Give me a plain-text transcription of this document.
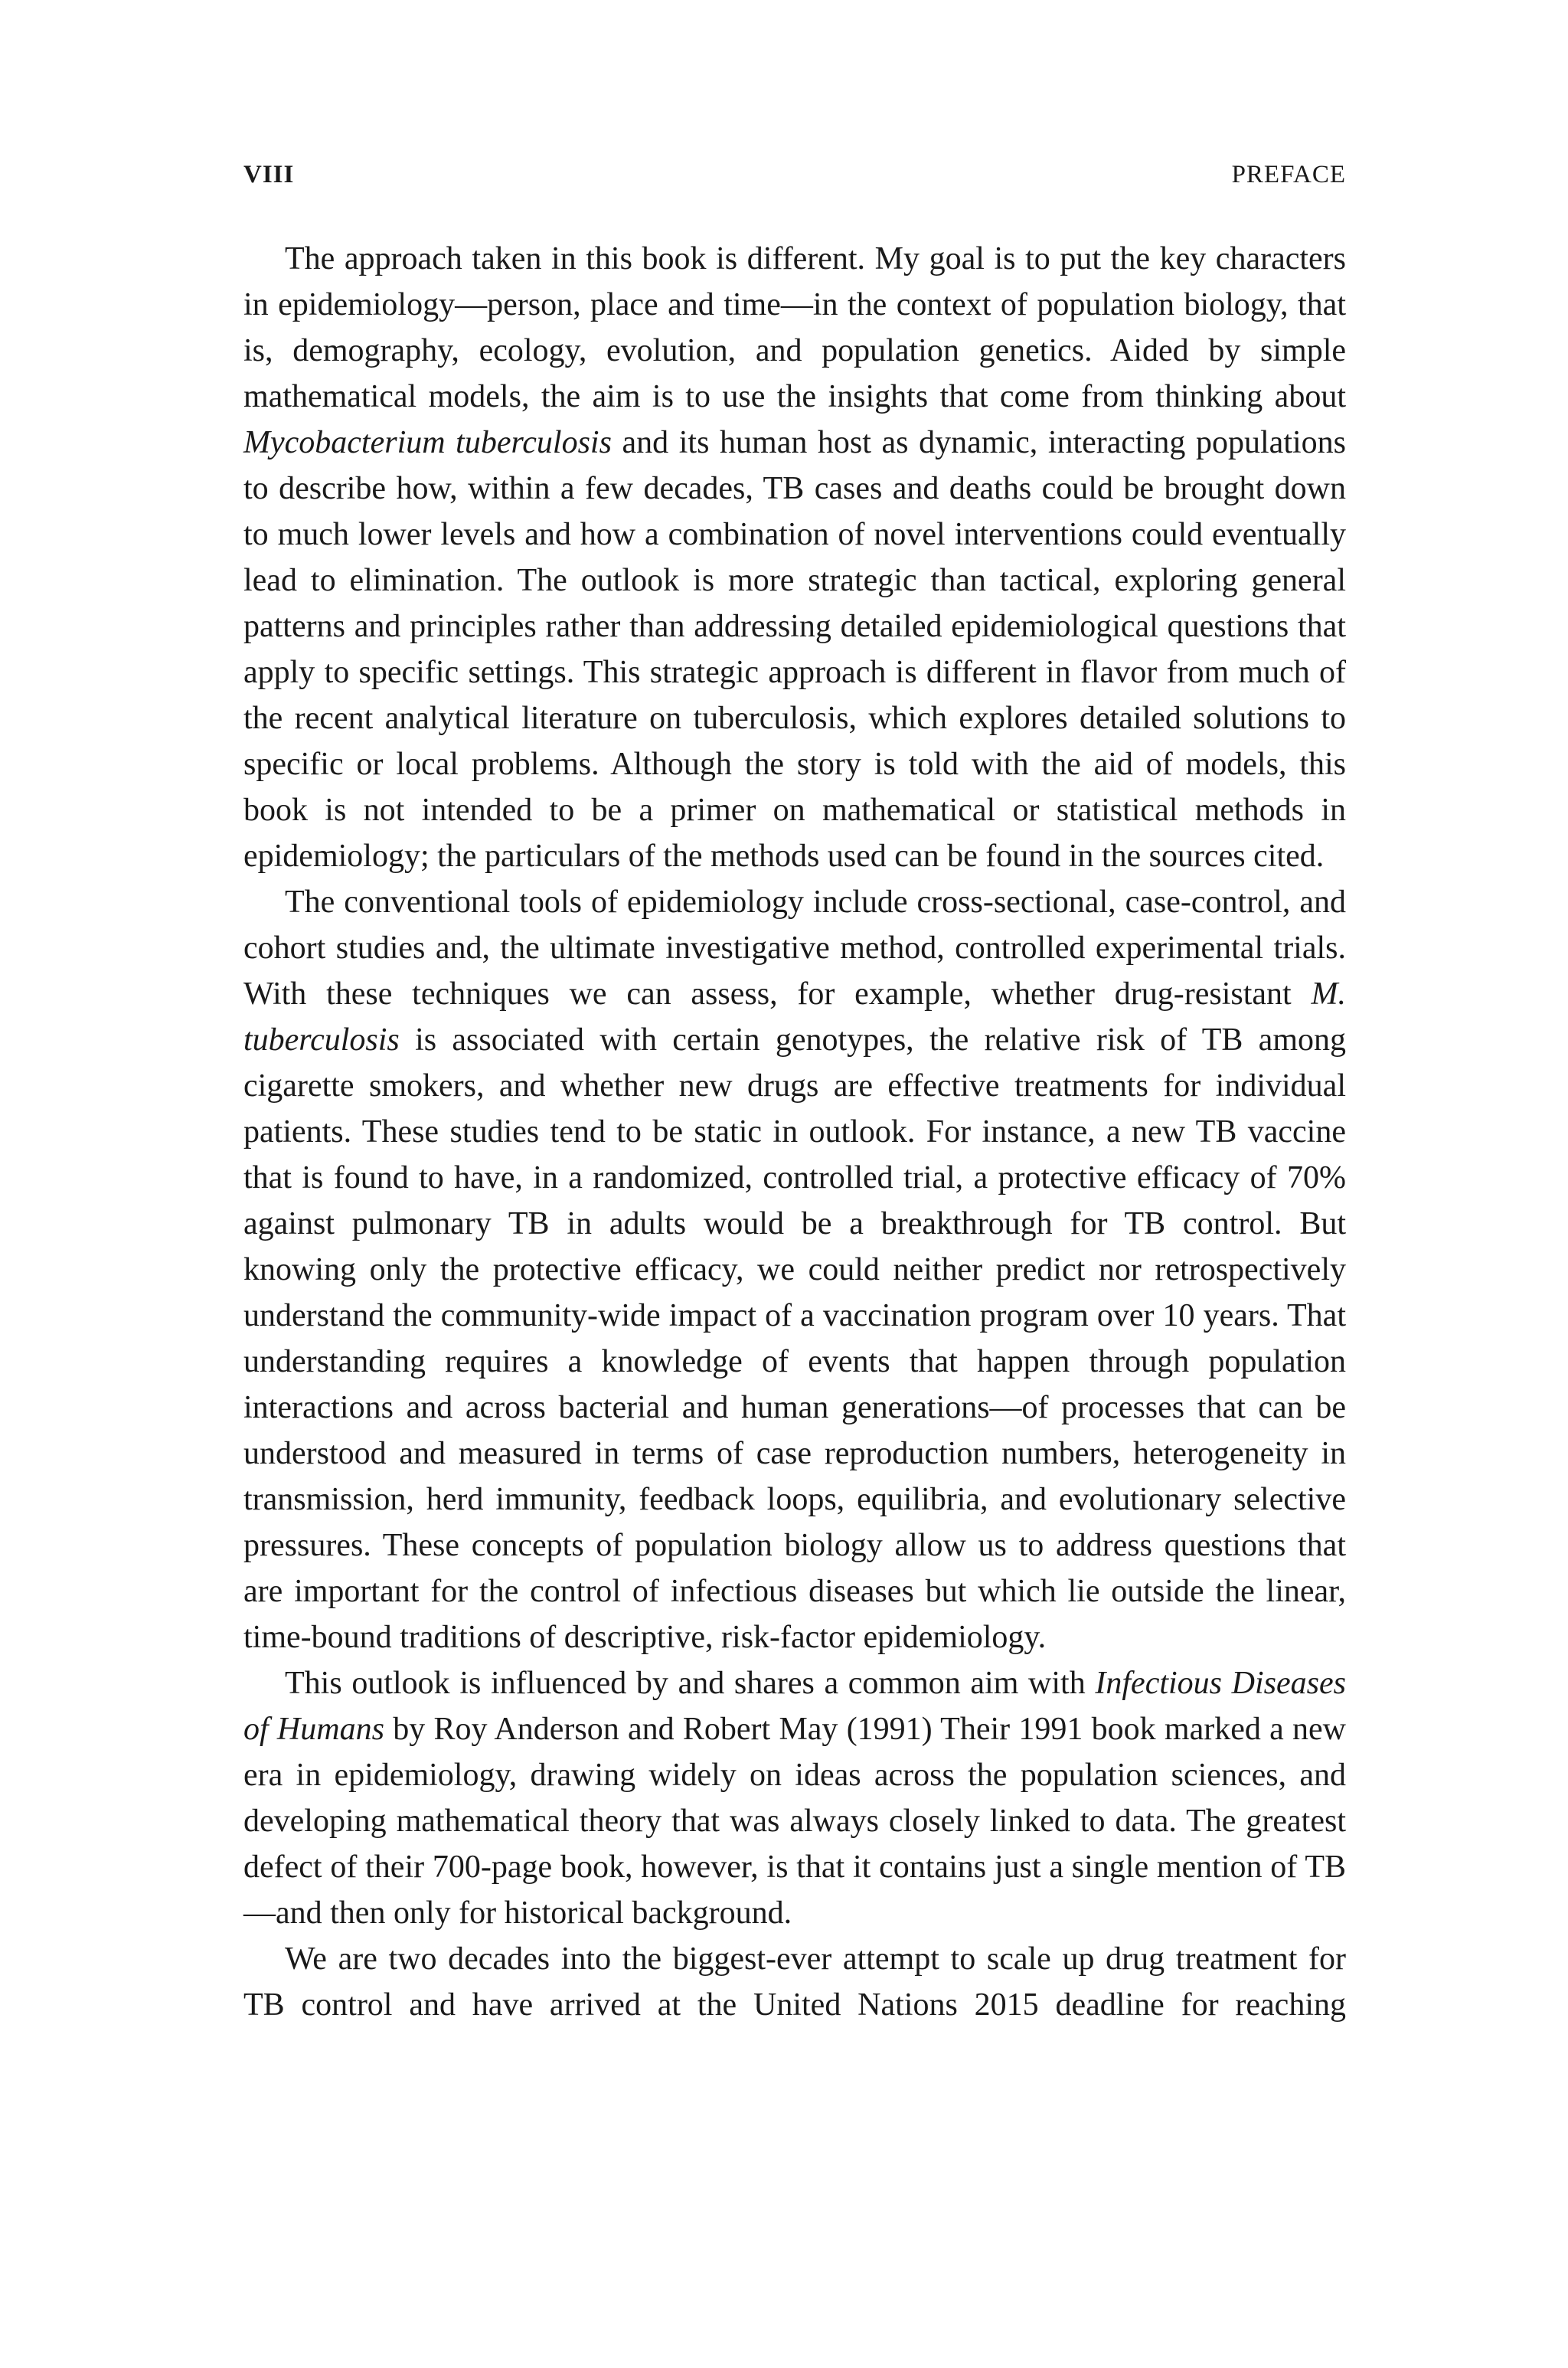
VIII	PREFACE

The approach taken in this book is different. My goal is to put the key characters in epidemiology—person, place and time—in the context of population biology, that is, demography, ecology, evolution, and population genetics. Aided by simple mathematical models, the aim is to use the insights that come from thinking about Mycobacterium tuberculosis and its human host as dynamic, interacting populations to describe how, within a few decades, TB cases and deaths could be brought down to much lower levels and how a combination of novel interventions could eventually lead to elimination. The outlook is more strategic than tactical, exploring general patterns and principles rather than addressing detailed epidemiological questions that apply to specific settings. This strategic approach is different in flavor from much of the recent analytical literature on tuberculosis, which explores detailed solutions to specific or local problems. Although the story is told with the aid of models, this book is not intended to be a primer on mathematical or statistical methods in epidemiology; the particulars of the methods used can be found in the sources cited.

The conventional tools of epidemiology include cross-sectional, case-control, and cohort studies and, the ultimate investigative method, controlled experimental trials. With these techniques we can assess, for example, whether drug-resistant M. tuberculosis is associated with certain genotypes, the relative risk of TB among cigarette smokers, and whether new drugs are effective treatments for individual patients. These studies tend to be static in outlook. For instance, a new TB vaccine that is found to have, in a randomized, controlled trial, a protective efficacy of 70% against pulmonary TB in adults would be a breakthrough for TB control. But knowing only the protective efficacy, we could neither predict nor retrospectively understand the community-wide impact of a vaccination program over 10 years. That understanding requires a knowledge of events that happen through population interactions and across bacterial and human generations—of processes that can be understood and measured in terms of case reproduction numbers, heterogeneity in transmission, herd immunity, feedback loops, equilibria, and evolutionary selective pressures. These concepts of population biology allow us to address questions that are important for the control of infectious diseases but which lie outside the linear, time-bound traditions of descriptive, risk-factor epidemiology.

This outlook is influenced by and shares a common aim with Infectious Diseases of Humans by Roy Anderson and Robert May (1991) Their 1991 book marked a new era in epidemiology, drawing widely on ideas across the population sciences, and developing mathematical theory that was always closely linked to data. The greatest defect of their 700-page book, however, is that it contains just a single mention of TB—and then only for historical background.

We are two decades into the biggest-ever attempt to scale up drug treatment for TB control and have arrived at the United Nations 2015 deadline for reaching
